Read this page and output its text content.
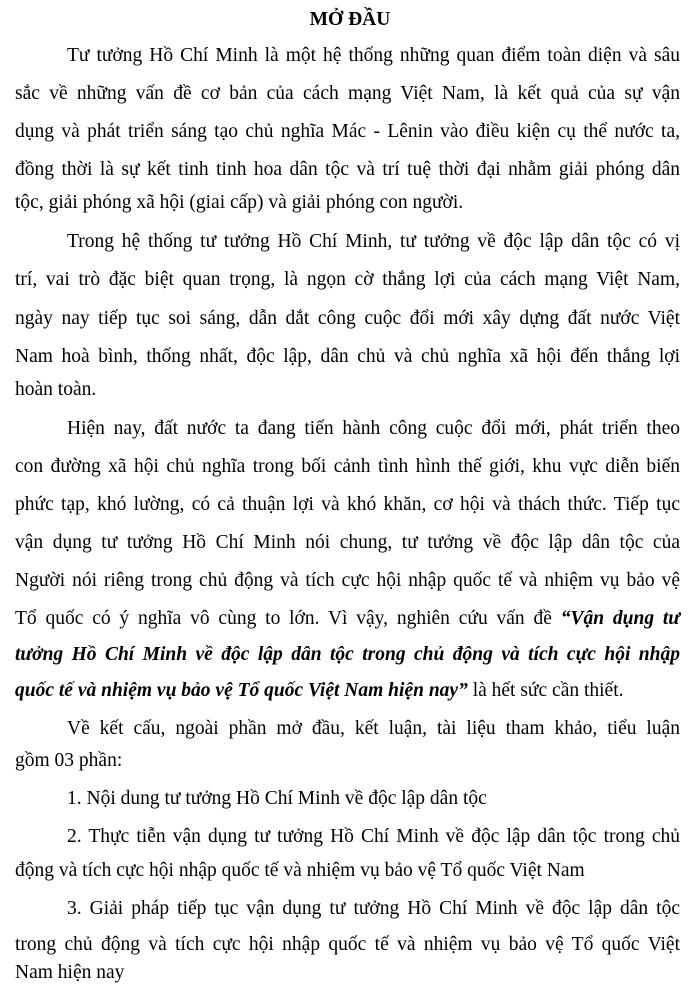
MỞ ĐẦU

Tư tưởng Hồ Chí Minh là một hệ thống những quan điểm toàn diện và sâu

sắc về những vấn đề cơ bản của cách mạng Việt Nam, là kết quả của sự vận

dụng và phát triển sáng tạo chủ nghĩa Mác - Lênin vào điều kiện cụ thể nước ta,

đồng thời là sự kết tinh tinh hoa dân tộc và trí tuệ thời đại nhằm giải phóng dân

tộc, giải phóng xã hội (giai cấp) và giải phóng con người.

Trong hệ thống tư tưởng Hồ Chí Minh, tư tưởng về độc lập dân tộc có vị

trí, vai trò đặc biệt quan trọng, là ngọn cờ thắng lợi của cách mạng Việt Nam,

ngày nay tiếp tục soi sáng, dẫn dắt công cuộc đổi mới xây dựng đất nước Việt

Nam hoà bình, thống nhất, độc lập, dân chủ và chủ nghĩa xã hội đến thắng lợi

hoàn toàn.

Hiện nay, đất nước ta đang tiến hành công cuộc đổi mới, phát triển theo

con đường xã hội chủ nghĩa trong bối cảnh tình hình thế giới, khu vực diễn biến

phức tạp, khó lường, có cả thuận lợi và khó khăn, cơ hội và thách thức. Tiếp tục

vận dụng tư tưởng Hồ Chí Minh nói chung, tư tưởng về độc lập dân tộc của

Người nói riêng trong chủ động và tích cực hội nhập quốc tế và nhiệm vụ bảo vệ

Tổ quốc có ý nghĩa vô cùng to lớn. Vì vậy, nghiên cứu vấn đề “Vận dụng tư

tưởng Hồ Chí Minh về độc lập dân tộc trong chủ động và tích cực hội nhập

quốc tế và nhiệm vụ bảo vệ Tổ quốc Việt Nam hiện nay” là hết sức cần thiết.

Về kết cấu, ngoài phần mở đầu, kết luận, tài liệu tham khảo, tiểu luận

gồm 03 phần:

1. Nội dung tư tưởng Hồ Chí Minh về độc lập dân tộc

2. Thực tiễn vận dụng tư tưởng Hồ Chí Minh về độc lập dân tộc trong chủ

động và tích cực hội nhập quốc tế và nhiệm vụ bảo vệ Tổ quốc Việt Nam

3. Giải pháp tiếp tục vận dụng tư tưởng Hồ Chí Minh về độc lập dân tộc

trong chủ động và tích cực hội nhập quốc tế và nhiệm vụ bảo vệ Tổ quốc Việt

Nam hiện nay
